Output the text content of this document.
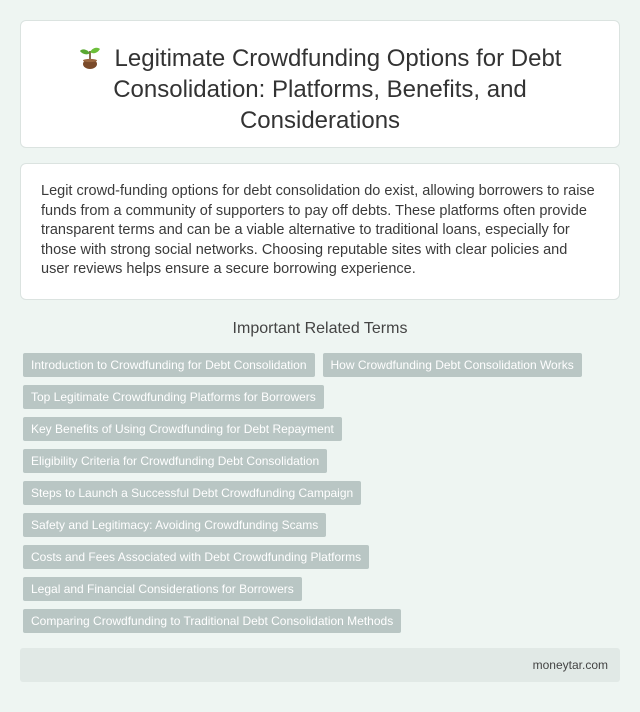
Legitimate Crowdfunding Options for Debt Consolidation: Platforms, Benefits, and Considerations

Legit crowd-funding options for debt consolidation do exist, allowing borrowers to raise funds from a community of supporters to pay off debts. These platforms often provide transparent terms and can be a viable alternative to traditional loans, especially for those with strong social networks. Choosing reputable sites with clear policies and user reviews helps ensure a secure borrowing experience.

Important Related Terms
Introduction to Crowdfunding for Debt Consolidation	How Crowdfunding Debt Consolidation Works
Top Legitimate Crowdfunding Platforms for Borrowers
Key Benefits of Using Crowdfunding for Debt Repayment
Eligibility Criteria for Crowdfunding Debt Consolidation
Steps to Launch a Successful Debt Crowdfunding Campaign
Safety and Legitimacy: Avoiding Crowdfunding Scams
Costs and Fees Associated with Debt Crowdfunding Platforms
Legal and Financial Considerations for Borrowers
Comparing Crowdfunding to Traditional Debt Consolidation Methods
moneytar.com
